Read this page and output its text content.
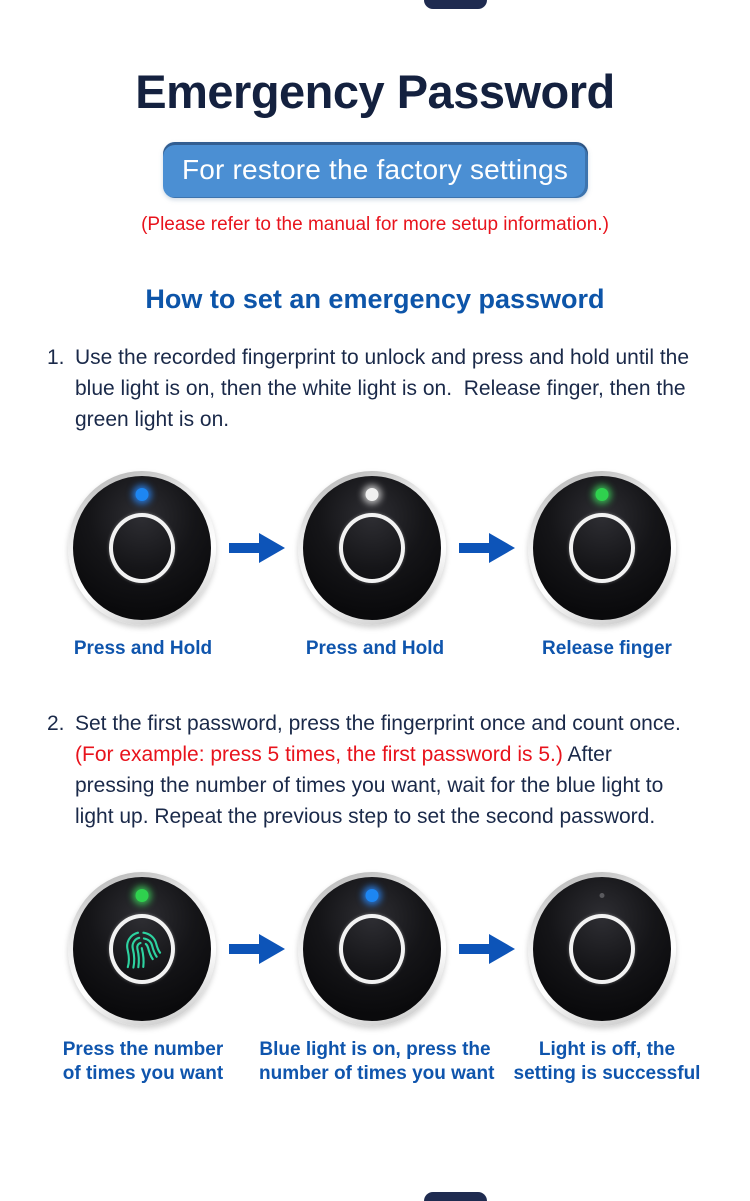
Emergency Password
For restore the factory settings
(Please refer to the manual for more setup information.)
How to set an emergency password
1. Use the recorded fingerprint to unlock and press and hold until the blue light is on, then the white light is on.  Release finger, then the green light is on.

Press and Hold	Press and Hold	Release finger
2. Set the first password, press the fingerprint once and count once. (For example: press 5 times, the first password is 5.) After pressing the number of times you want, wait for the blue light to light up. Repeat the previous step to set the second password.

Press the number
of times you want
Blue light is on, press the
number of times you want
Light is off, the
setting is successful
